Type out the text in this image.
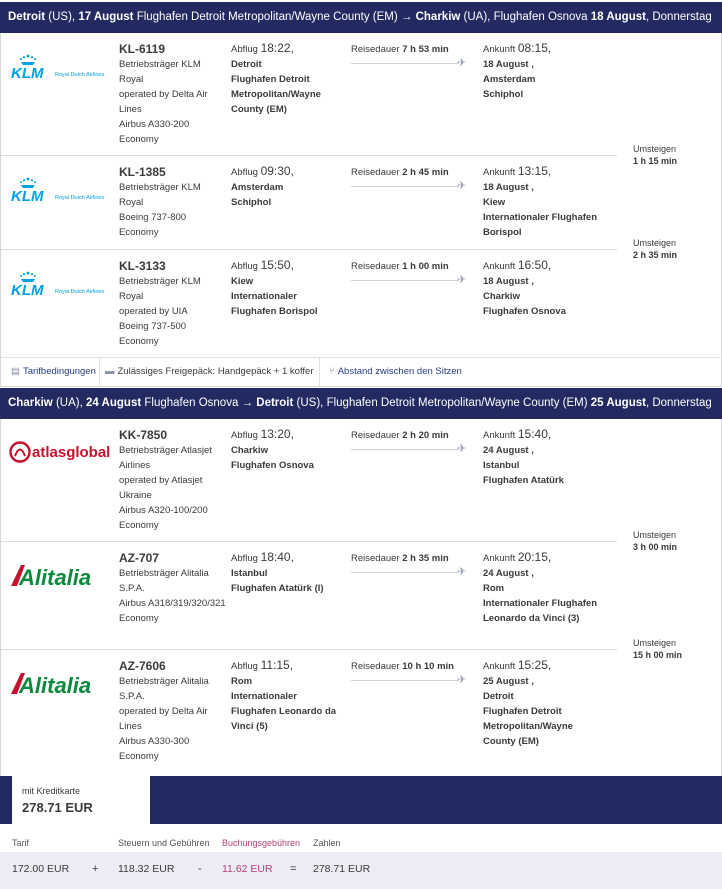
Detroit (US), 17 August Flughafen Detroit Metropolitan/Wayne County (EM) → Charkiw (UA), Flughafen Osnova 18 August, Donnerstag
KLM Royal Dutch Airlines
KL-6119
Betriebsträger KLM
Royal
operated by Delta Air
Lines
Airbus A330-200
Economy
Abflug 18:22,
Detroit
Flughafen Detroit
Metropolitan/Wayne
County (EM)
Reisedauer 7 h 53 min
✈
Ankunft 08:15,
18 August ,
Amsterdam
Schiphol
KLM Royal Dutch Airlines
KL-1385
Betriebsträger KLM
Royal
Boeing 737-800
Economy
Abflug 09:30,
Amsterdam
Schiphol
Reisedauer 2 h 45 min
✈
Ankunft 13:15,
18 August ,
Kiew
Internationaler Flughafen
Borispol
KLM Royal Dutch Airlines
KL-3133
Betriebsträger KLM
Royal
operated by UIA
Boeing 737-500
Economy
Abflug 15:50,
Kiew
Internationaler
Flughafen Borispol
Reisedauer 1 h 00 min
✈
Ankunft 16:50,
18 August ,
Charkiw
Flughafen Osnova
Umsteigen
1 h 15 min
Umsteigen
2 h 35 min
▤ Tarifbedingungen ▬ Zulässiges Freigepäck: Handgepäck + 1 koffer ⑂ Abstand zwischen den Sitzen
Charkiw (UA), 24 August Flughafen Osnova → Detroit (US), Flughafen Detroit Metropolitan/Wayne County (EM) 25 August, Donnerstag
atlasglobal
KK-7850
Betriebsträger Atlasjet
Airlines
operated by Atlasjet
Ukraine
Airbus A320-100/200
Economy
Abflug 13:20,
Charkiw
Flughafen Osnova
Reisedauer 2 h 20 min
✈
Ankunft 15:40,
24 August ,
Istanbul
Flughafen Atatürk
Alitalia
AZ-707
Betriebsträger Alitalia
S.P.A.
Airbus A318/319/320/321
Economy
Abflug 18:40,
Istanbul
Flughafen Atatürk (I)
Reisedauer 2 h 35 min
✈
Ankunft 20:15,
24 August ,
Rom
Internationaler Flughafen
Leonardo da Vinci (3)
Alitalia
AZ-7606
Betriebsträger Alitalia
S.P.A.
operated by Delta Air
Lines
Airbus A330-300
Economy
Abflug 11:15,
Rom
Internationaler
Flughafen Leonardo da
Vinci (5)
Reisedauer 10 h 10 min
✈
Ankunft 15:25,
25 August ,
Detroit
Flughafen Detroit
Metropolitan/Wayne
County (EM)
Umsteigen
3 h 00 min
Umsteigen
15 h 00 min
mit Kreditkarte
278.71 EUR
Tarif	Steuern und Gebühren Buchungsgebühren Zahlen
172.00 EUR + 118.32 EUR - 11.62 EUR = 278.71 EUR
